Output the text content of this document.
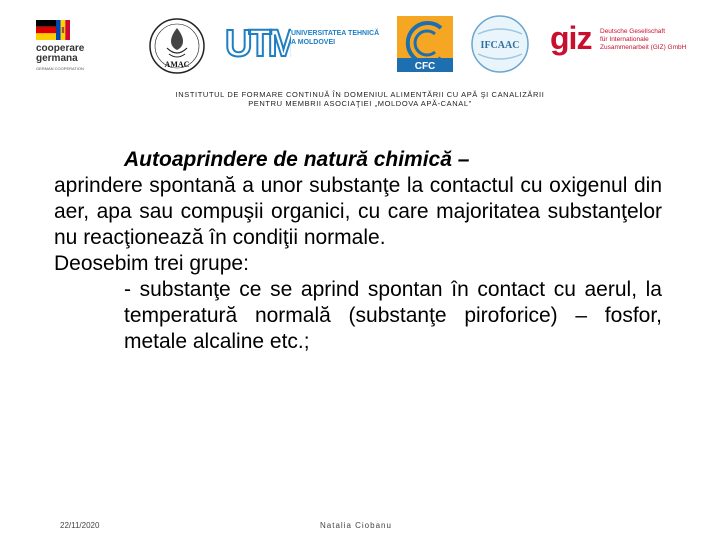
cooperare
germana
GERMAN COOPERATION	AMAC UTM
UNIVERSITATEA TEHNICĂ
A MOLDOVEI
CFC
IFCAAC giz Deutsche Gesellschaft
für Internationale
Zusammenarbeit (GIZ) GmbH
INSTITUTUL DE FORMARE CONTINUĂ ÎN DOMENIUL ALIMENTĂRII CU APĂ ŞI CANALIZĂRII
PENTRU MEMBRII ASOCIAŢIEI „MOLDOVA APĂ-CANAL”

Autoaprindere de natură chimică –

aprindere spontană a unor substanţe la contactul cu oxigenul din aer, apa sau compuşii organici, cu care majoritatea substanţelor nu reacţionează în condiţii normale.

Deosebim trei grupe:

- substanţe ce se aprind spontan în contact cu aerul, la temperatură normală (substanţe piroforice) – fosfor, metale alcaline etc.;

22/11/2020	Natalia Ciobanu
